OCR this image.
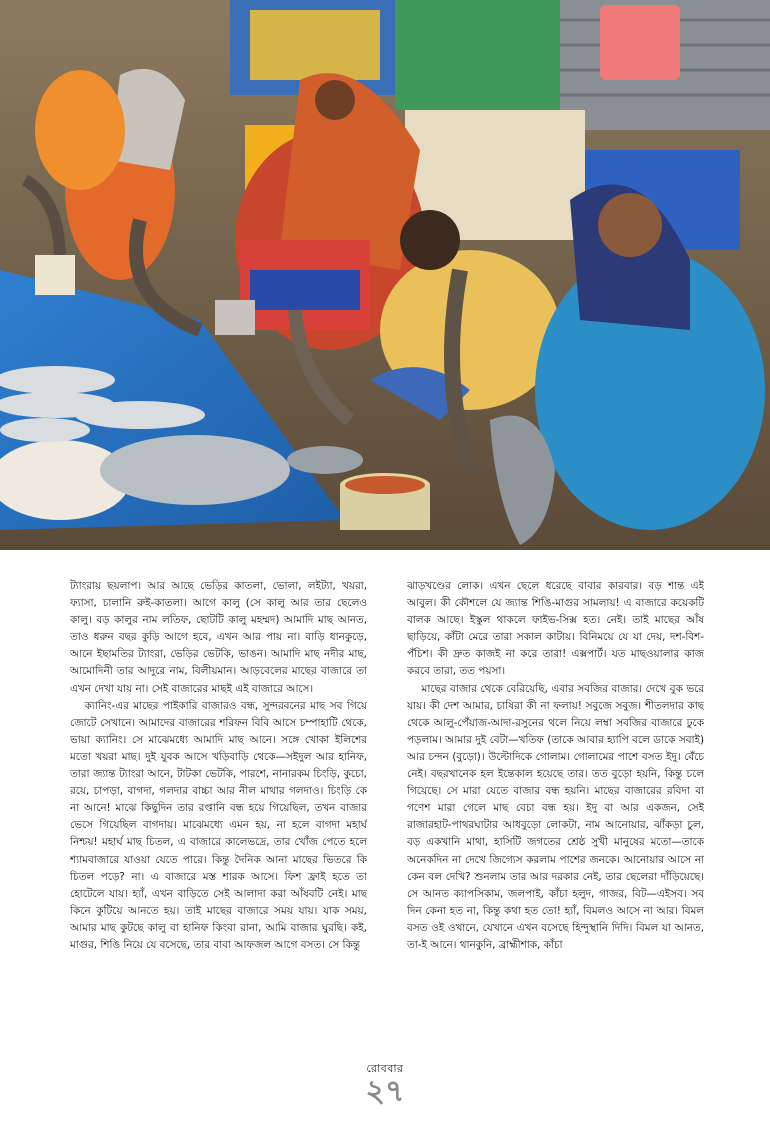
ট্যাংরায় ছয়লাপ। আর আছে ভেড়ির কাতলা, ভোলা, লইট্যা, খয়রা, ফ্যাসা, চালানি রুই-কাতলা। আগে কালু (সে কালু আর তার ছেলেও কালু। বড় কালুর নাম লতিফ, ছোটটি কালু মহম্মদ) আমাদি মাছ আনত, তাও ধরুন বছর কুড়ি আগে হবে, এখন আর পায় না। বাড়ি ধানকুড়ে, আনে ইছামতির ট্যাংরা, ভেড়ির ভেটকি, ভাঙন। আমাদি মাছ নদীর মাছ, আমোদিনী তার আদুরে নাম, বিলীয়মান। আড়বেলের মাছের বাজারে তা এখন দেখা যায় না। সেই বাজারের মাছই এই বাজারে আসে।

ক্যানিং-এর মাছের পাইকারি বাজারও বন্ধ, সুন্দরবনের মাছ সব গিয়ে জোটে সেখানে। আমাদের বাজারের শরিফন বিবি আসে চম্পাহাটি থেকে, ভায়া ক্যানিং। সে মাঝেমধ্যে আমাদি মাছ আনে। সঙ্গে খোকা ইলিশের মতো খয়রা মাছ। দুই যুবক আসে খড়িবাড়ি থেকে—সইদুল আর হানিফ, তারা জ্যান্ত ট্যাংরা আনে, টাটকা ভেটকি, পারশে, নানারকম চিংড়ি, কুচো, রয়ে, চাপড়া, বাগদা, গলদার বাচ্চা আর নীল মাথার গলদাও। চিংড়ি কে না আনে! মাঝে কিছুদিন তার রপ্তানি বন্ধ হয়ে গিয়েছিল, তখন বাজার ভেসে গিয়েছিল বাগদায়। মাঝেমধ্যে এমন হয়, না হলে বাগদা মহার্ঘ নিশ্চয়! মহার্ঘ মাছ চিতল, এ বাজারে কালেভদ্রে, তার খোঁজ পেতে হলে শ্যামবাজারে যাওয়া যেতে পারে। কিন্তু দৈনিক আনা মাছের ভিতরে কি চিতল পড়ে? না। এ বাজারে মস্ত শারক আসে। ফিশ ফ্রাই হতে তা হোটেলে যায়। হ্যাঁ, এখন বাড়িতে সেই আলাদা করা আঁষবটি নেই। মাছ কিনে কুটিয়ে আনতে হয়। তাই মাছের বাজারে সময় যায়। যাক সময়, আমার মাছ কুটছে কালু বা হানিফ কিংবা রানা, আমি বাজার ঘুরছি। কই, মাগুর, শিঙি নিয়ে যে বসেছে, তার বাবা আফজল আগে বসত। সে কিন্তু

ঝাড়খণ্ডের লোক। এখন ছেলে ধরেছে বাবার কারবার। বড় শান্ত এই আবুল। কী কৌশলে যে জ্যান্ত শিঙি-মাগুর সামলায়! এ বাজারে কয়েকটি বালক আছে। ইস্কুল থাকলে ফাইভ-সিক্স হত। নেই। তাই মাছের আঁষ ছাড়িয়ে, কাঁটা মেরে তারা সকাল কাটায়। বিনিময়ে যে যা দেয়, দশ-বিশ-পঁচিশ। কী দ্রুত কাজই না করে তারা! এক্সপার্ট। যত মাছওয়ালার কাজ করবে তারা, তত পয়সা।

মাছের বাজার থেকে বেরিয়েছি, এবার সবজির বাজার। দেখে বুক ভরে যায়। কী দেশ আমার, চাষিরা কী না ফলায়! সবুজে সবুজ। শীতলদার কাছ থেকে আলু-পেঁয়াজ-আদা-রসুনের থলে নিয়ে লম্বা সবজির বাজারে ঢুকে পড়লাম। আমার দুই বেটা—খতিফ (তাকে আবার হ্যাপি বলে ডাকে সবাই) আর চন্দন (বুড়ো)। উল্টোদিকে গোলাম। গোলামের পাশে বসত ইদু। বেঁচে নেই। বছরখানেক হল ইন্তেকাল হয়েছে তার। তত বুড়ো হয়নি, কিন্তু চলে গিয়েছে। সে মারা যেতে বাজার বন্ধ হয়নি। মাছের বাজারের রবিদা বা গণেশ মারা গেলে মাছ বেচা বন্ধ হয়। ইদু বা আর একজন, সেই রাজারহাট-পাথরঘাটার আধবুড়ো লোকটা, নাম আনোয়ার, ঝাঁকড়া চুল, বড় একখানি মাথা, হাসিটি জগতের শ্রেষ্ঠ সুখী মানুষের মতো—তাকে অনেকদিন না দেখে জিগ্যেস করলাম পাশের জনকে। আনোয়ার আসে না কেন বল দেখি? শুনলাম তার আর দরকার নেই, তার ছেলেরা দাঁড়িয়েছে। সে আনত ক্যাপসিকাম, জলপাই, কাঁচা হলুদ, গাজর, বিট—এইসব। সব দিন কেনা হত না, কিন্তু কথা হত তো! হ্যাঁ, বিমলও আসে না আর। বিমল বসত ওই ওখানে, যেখানে এখন বসেছে হিন্দুস্থানি দিদি। বিমল যা আনত, তা-ই আনে। থানকুনি, ব্রাহ্মীশাক, কাঁচা

রোববার
২৭
